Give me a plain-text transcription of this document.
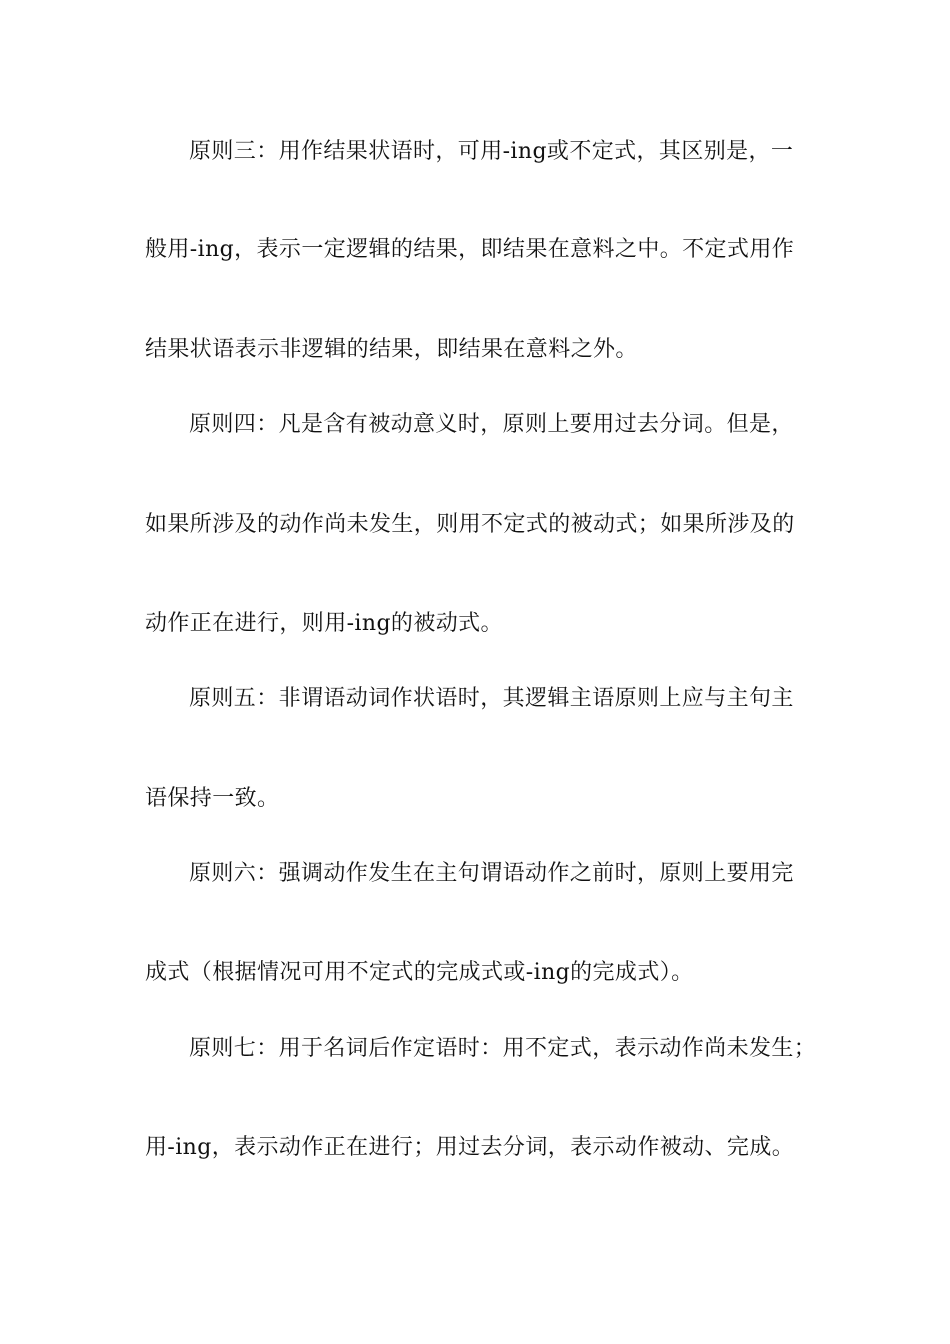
原则三：用作结果状语时，可用-ing或不定式，其区别是，一
般用-ing，表示一定逻辑的结果，即结果在意料之中。不定式用作
结果状语表示非逻辑的结果，即结果在意料之外。
原则四：凡是含有被动意义时，原则上要用过去分词。但是，
如果所涉及的动作尚未发生，则用不定式的被动式；如果所涉及的
动作正在进行，则用-ing的被动式。
原则五：非谓语动词作状语时，其逻辑主语原则上应与主句主
语保持一致。
原则六：强调动作发生在主句谓语动作之前时，原则上要用完
成式（根据情况可用不定式的完成式或-ing的完成式）。
原则七：用于名词后作定语时：用不定式，表示动作尚未发生；
用-ing，表示动作正在进行；用过去分词，表示动作被动、完成。
